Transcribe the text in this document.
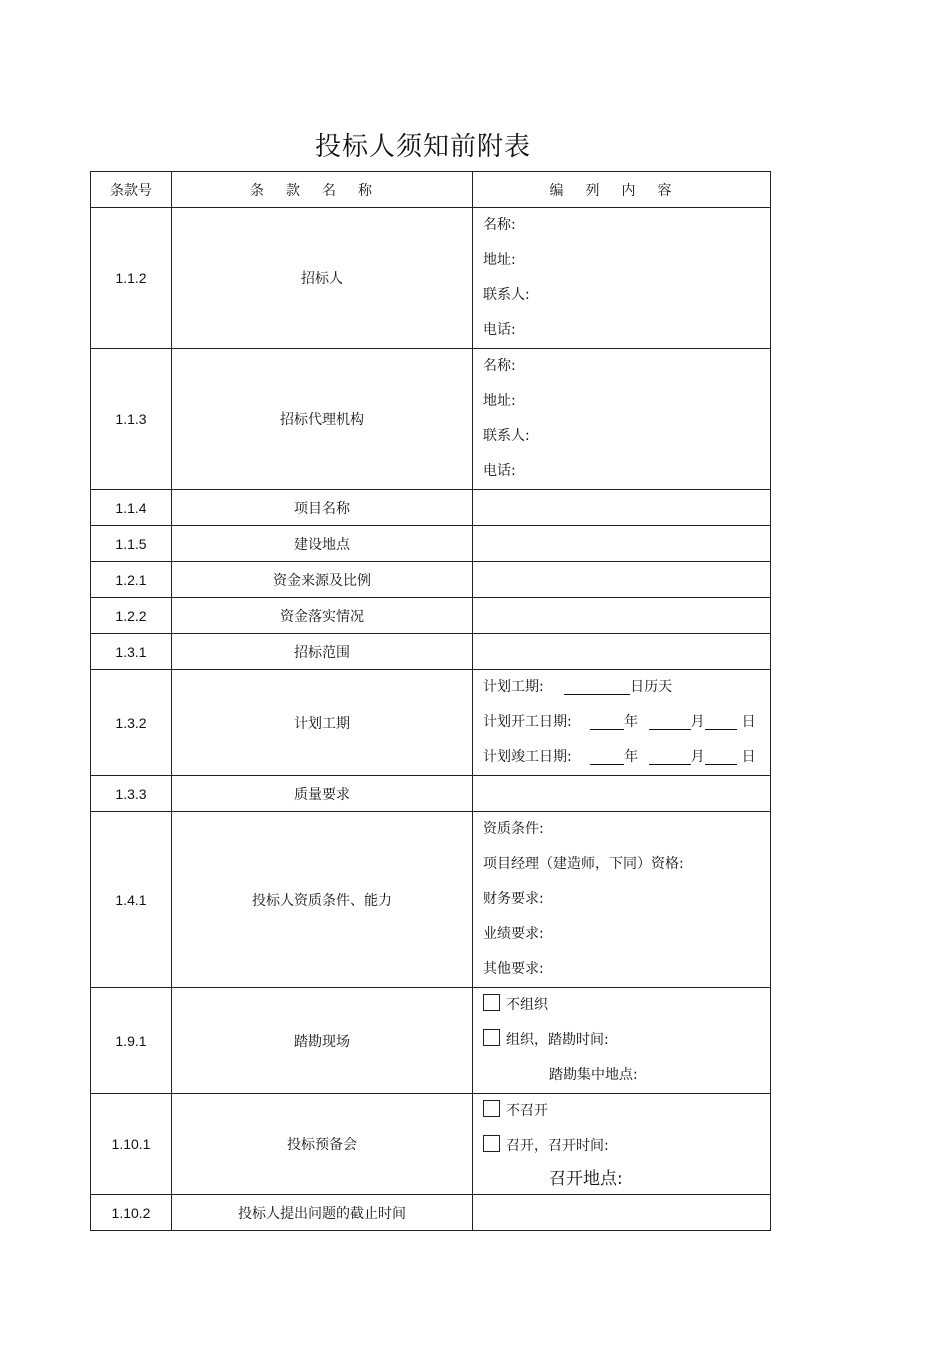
投标人须知前附表
条款号	条款名称	编列内容
1.1.2	招标人	名称:
地址:
联系人:
电话:

1.1.3	招标代理机构	名称:
地址:
联系人:
电话:

1.1.4	项目名称	
1.1.5	建设地点	
1.2.1	资金来源及比例	
1.2.2	资金落实情况	
1.3.1	招标范围	
1.3.2	计划工期	计划工期: 日历天
计划开工日期: 年 月 日
计划竣工日期: 年 月 日

1.3.3	质量要求	
1.4.1	投标人资质条件、能力	资质条件:
项目经理（建造师，下同）资格:
财务要求:
业绩要求:
其他要求:

1.9.1	踏勘现场	不组织
组织，踏勘时间:
踏勘集中地点:

1.10.1	投标预备会	不召开
召开，召开时间:
召开地点:

1.10.2	投标人提出问题的截止时间	
